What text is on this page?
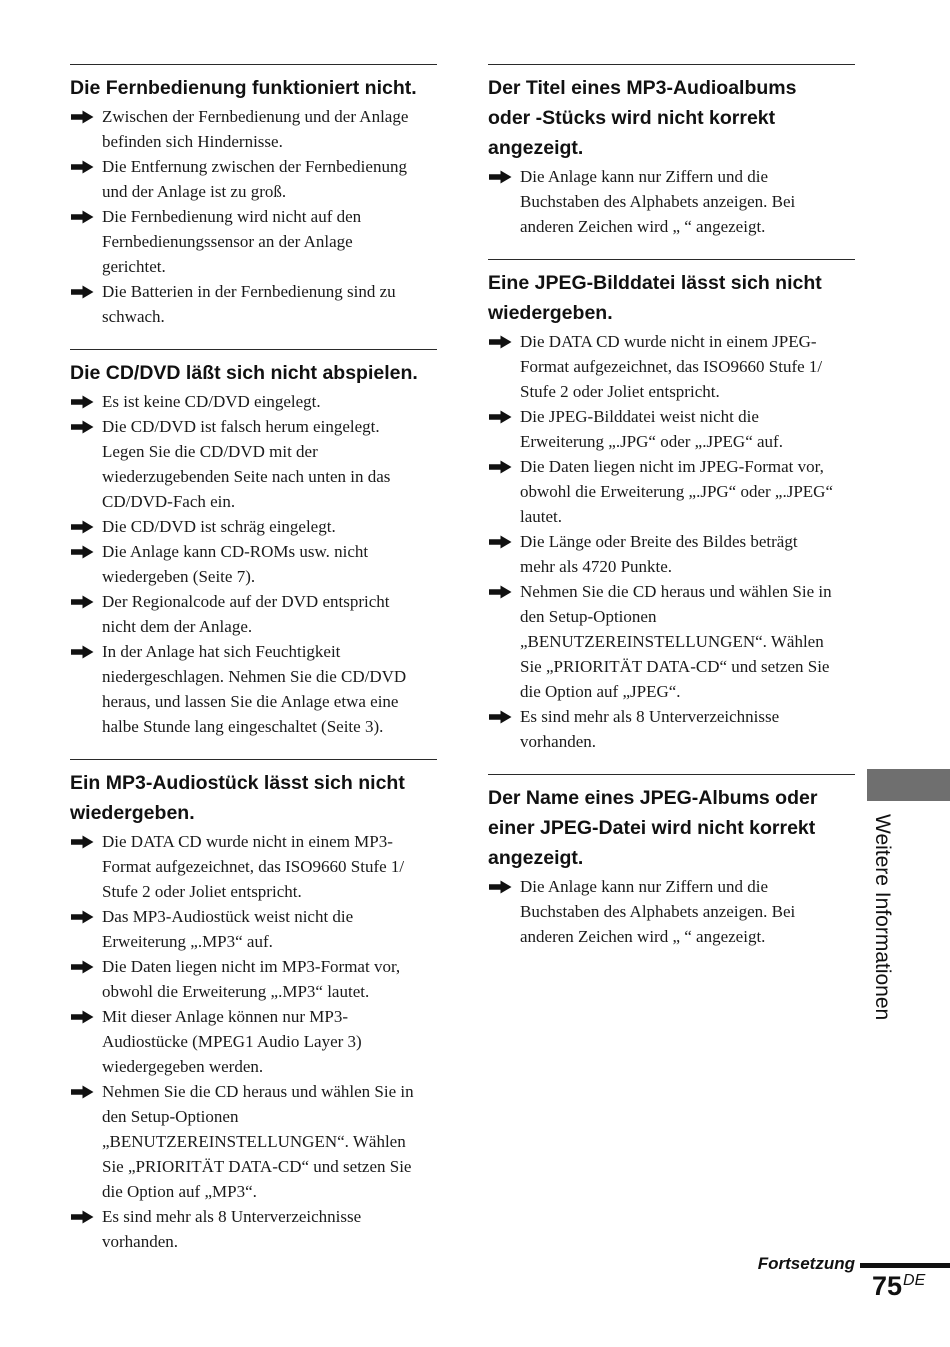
Die Fernbedienung funktioniert nicht.
Zwischen der Fernbedienung und der Anlage
befinden sich Hindernisse.
Die Entfernung zwischen der Fernbedienung
und der Anlage ist zu groß.
Die Fernbedienung wird nicht auf den
Fernbedienungssensor an der Anlage
gerichtet.
Die Batterien in der Fernbedienung sind zu
schwach.
Die CD/DVD läßt sich nicht abspielen.
Es ist keine CD/DVD eingelegt.
Die CD/DVD ist falsch herum eingelegt.
Legen Sie die CD/DVD mit der
wiederzugebenden Seite nach unten in das
CD/DVD-Fach ein.
Die CD/DVD ist schräg eingelegt.
Die Anlage kann CD-ROMs usw. nicht
wiedergeben (Seite 7).
Der Regionalcode auf der DVD entspricht
nicht dem der Anlage.
In der Anlage hat sich Feuchtigkeit
niedergeschlagen. Nehmen Sie die CD/DVD
heraus, und lassen Sie die Anlage etwa eine
halbe Stunde lang eingeschaltet (Seite 3).
Ein MP3-Audiostück lässt sich nicht
wiedergeben.
Die DATA CD wurde nicht in einem MP3-
Format aufgezeichnet, das ISO9660 Stufe 1/
Stufe 2 oder Joliet entspricht.
Das MP3-Audiostück weist nicht die
Erweiterung „.MP3“ auf.
Die Daten liegen nicht im MP3-Format vor,
obwohl die Erweiterung „.MP3“ lautet.
Mit dieser Anlage können nur MP3-
Audiostücke (MPEG1 Audio Layer 3)
wiedergegeben werden.
Nehmen Sie die CD heraus und wählen Sie in
den Setup-Optionen
„BENUTZEREINSTELLUNGEN“. Wählen
Sie „PRIORITÄT DATA-CD“ und setzen Sie
die Option auf „MP3“.
Es sind mehr als 8 Unterverzeichnisse
vorhanden.
Der Titel eines MP3-Audioalbums
oder -Stücks wird nicht korrekt
angezeigt.
Die Anlage kann nur Ziffern und die
Buchstaben des Alphabets anzeigen. Bei
anderen Zeichen wird „ “ angezeigt.
Eine JPEG-Bilddatei lässt sich nicht
wiedergeben.
Die DATA CD wurde nicht in einem JPEG-
Format aufgezeichnet, das ISO9660 Stufe 1/
Stufe 2 oder Joliet entspricht.
Die JPEG-Bilddatei weist nicht die
Erweiterung „.JPG“ oder „.JPEG“ auf.
Die Daten liegen nicht im JPEG-Format vor,
obwohl die Erweiterung „.JPG“ oder „.JPEG“
lautet.
Die Länge oder Breite des Bildes beträgt
mehr als 4720 Punkte.
Nehmen Sie die CD heraus und wählen Sie in
den Setup-Optionen
„BENUTZEREINSTELLUNGEN“. Wählen
Sie „PRIORITÄT DATA-CD“ und setzen Sie
die Option auf „JPEG“.
Es sind mehr als 8 Unterverzeichnisse
vorhanden.
Der Name eines JPEG-Albums oder
einer JPEG-Datei wird nicht korrekt
angezeigt.
Die Anlage kann nur Ziffern und die
Buchstaben des Alphabets anzeigen. Bei
anderen Zeichen wird „ “ angezeigt.	Weitere Informationen
Fortsetzung
75DE
